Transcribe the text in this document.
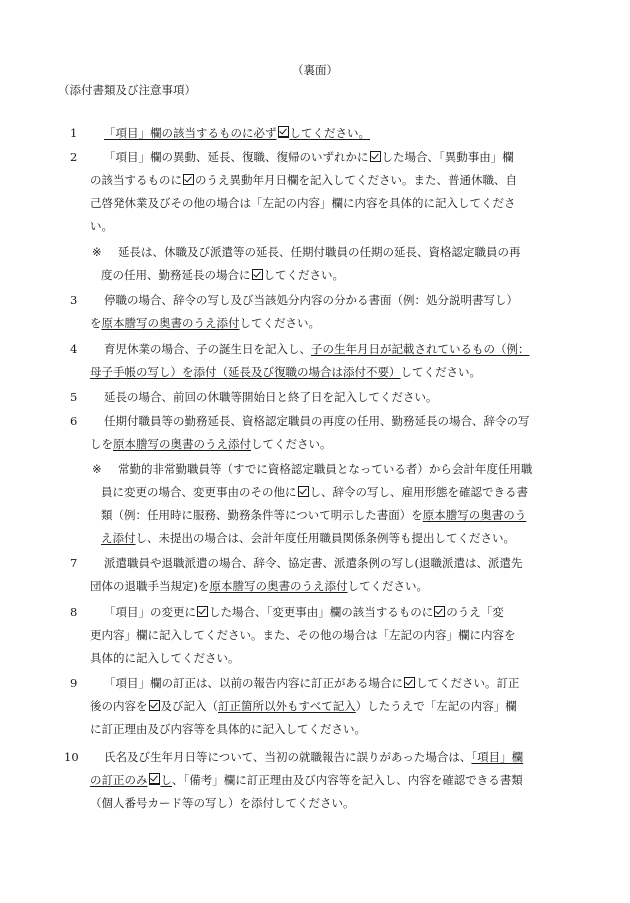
（裏面）
（添付書類及び注意事項）
1 「項目」欄の該当するものに必ず してください。
2 「項目」欄の異動、延長、復職、復帰のいずれかに した場合、「異動事由」欄
の該当するものに のうえ異動年月日欄を記入してください。また、普通休職、自
己啓発休業及びその他の場合は「左記の内容」欄に内容を具体的に記入してくださ
い。
※ 延長は、休職及び派遣等の延長、任期付職員の任期の延長、資格認定職員の再
度の任用、勤務延長の場合に してください。
3 停職の場合、辞令の写し及び当該処分内容の分かる書面（例：処分説明書写し）
を原本謄写の奥書のうえ添付してください。
4 育児休業の場合、子の誕生日を記入し、子の生年月日が記載されているもの（例：
母子手帳の写し）を添付（延長及び復職の場合は添付不要）してください。
5 延長の場合、前回の休職等開始日と終了日を記入してください。
6 任期付職員等の勤務延長、資格認定職員の再度の任用、勤務延長の場合、辞令の写
しを原本謄写の奥書のうえ添付してください。
※ 常勤的非常勤職員等（すでに資格認定職員となっている者）から会計年度任用職
員に変更の場合、変更事由のその他に し、辞令の写し、雇用形態を確認できる書
類（例：任用時に服務、勤務条件等について明示した書面）を原本謄写の奥書のう
え添付し、未提出の場合は、会計年度任用職員関係条例等も提出してください。
7 派遣職員や退職派遣の場合、辞令、協定書、派遣条例の写し(退職派遣は、派遣先
団体の退職手当規定)を原本謄写の奥書のうえ添付してください。
8 「項目」の変更に した場合、「変更事由」欄の該当するものに のうえ「変
更内容」欄に記入してください。また、その他の場合は「左記の内容」欄に内容を
具体的に記入してください。
9 「項目」欄の訂正は、以前の報告内容に訂正がある場合に してください。訂正
後の内容を 及び記入（訂正箇所以外もすべて記入）したうえで「左記の内容」欄
に訂正理由及び内容等を具体的に記入してください。
10 氏名及び生年月日等について、当初の就職報告に誤りがあった場合は、「項目」欄
の訂正のみ し、「備考」欄に訂正理由及び内容等を記入し、内容を確認できる書類
（個人番号カード等の写し）を添付してください。
